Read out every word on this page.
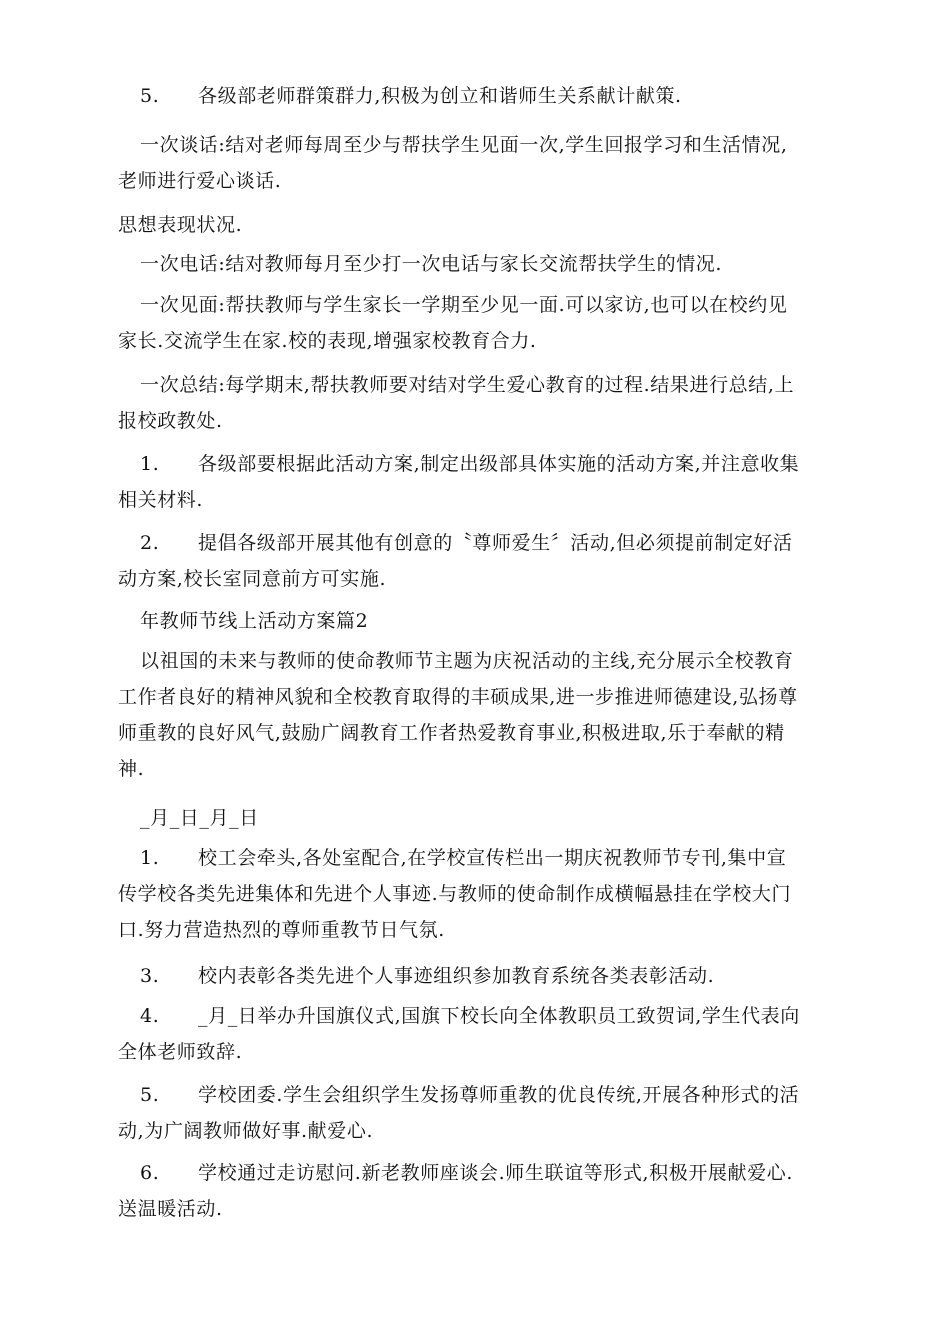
5. 各级部老师群策群力,积极为创立和谐师生关系献计献策.
一次谈话:结对老师每周至少与帮扶学生见面一次,学生回报学习和生活情况,
老师进行爱心谈话.
思想表现状况.
一次电话:结对教师每月至少打一次电话与家长交流帮扶学生的情况.
一次见面:帮扶教师与学生家长一学期至少见一面.可以家访,也可以在校约见
家长.交流学生在家.校的表现,增强家校教育合力.
一次总结:每学期末,帮扶教师要对结对学生爱心教育的过程.结果进行总结,上
报校政教处.
1. 各级部要根据此活动方案,制定出级部具体实施的活动方案,并注意收集
相关材料.
2. 提倡各级部开展其他有创意的〝尊师爱生〞活动,但必须提前制定好活
动方案,校长室同意前方可实施.
年教师节线上活动方案篇2
以祖国的未来与教师的使命教师节主题为庆祝活动的主线,充分展示全校教育
工作者良好的精神风貌和全校教育取得的丰硕成果,进一步推进师德建设,弘扬尊
师重教的良好风气,鼓励广阔教育工作者热爱教育事业,积极进取,乐于奉献的精
神.
_月_日_月_日
1. 校工会牵头,各处室配合,在学校宣传栏出一期庆祝教师节专刊,集中宣
传学校各类先进集体和先进个人事迹.与教师的使命制作成横幅悬挂在学校大门
口.努力营造热烈的尊师重教节日气氛.
3. 校内表彰各类先进个人事迹组织参加教育系统各类表彰活动.
4. _月_日举办升国旗仪式,国旗下校长向全体教职员工致贺词,学生代表向
全体老师致辞.
5. 学校团委.学生会组织学生发扬尊师重教的优良传统,开展各种形式的活
动,为广阔教师做好事.献爱心.
6. 学校通过走访慰问.新老教师座谈会.师生联谊等形式,积极开展献爱心.
送温暖活动.
